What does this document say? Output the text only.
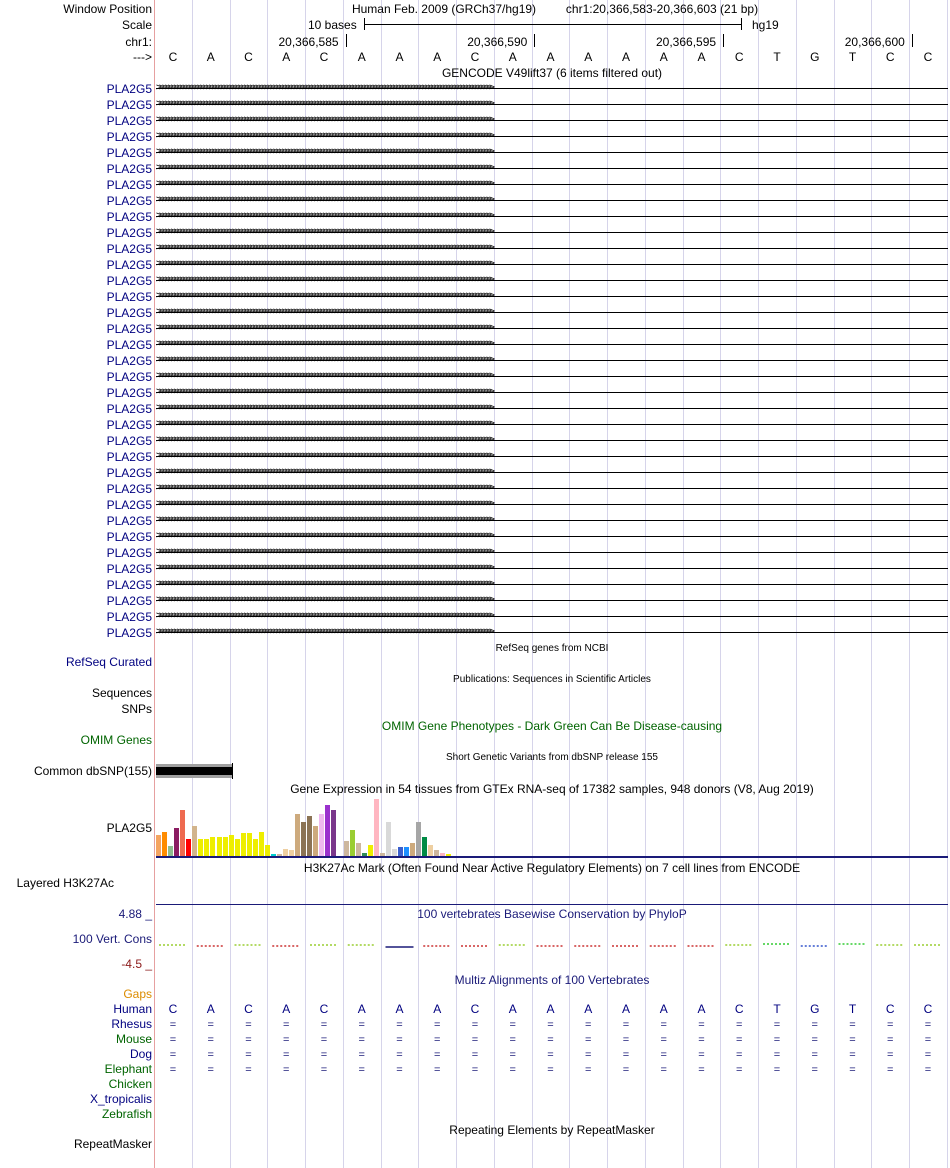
Window Position	Human Feb. 2009 (GRCh37/hg19) chr1:20,366,583-20,366,603 (21 bp)
Scale	10 bases	hg19
chr1:
--->
GENCODE V49lift37 (6 items filtered out)
RefSeq genes from NCBI
RefSeq Curated
Publications: Sequences in Scientific Articles
Sequences
SNPs
OMIM Gene Phenotypes - Dark Green Can Be Disease-causing
OMIM Genes
Short Genetic Variants from dbSNP release 155
Common dbSNP(155)
Gene Expression in 54 tissues from GTEx RNA-seq of 17382 samples, 948 donors (V8, Aug 2019)
PLA2G5
H3K27Ac Mark (Often Found Near Active Regulatory Elements) on 7 cell lines from ENCODE
Layered H3K27Ac
100 vertebrates Basewise Conservation by PhyloP
4.88 _
100 Vert. Cons
-4.5 _
Multiz Alignments of 100 Vertebrates
Gaps
Repeating Elements by RepeatMasker
RepeatMasker
20,366,585	20,366,590	20,366,595	20,366,600
C	A	C	A	C	A	A	A	C	A	A	A	A	A	A	C	T	G	T	C	C
PLA2G5 >>>>>>>>>>>>>>>>>>>>>>>>>>>>>>>>>>>>>>>>>>>>>>>>>>>>>>>>>>>>>>>>>>>>>>>>>>>>>>>>>>>>>>>>>>>>>>>>>>>>>>>>>>>>>>>>>>>
PLA2G5 >>>>>>>>>>>>>>>>>>>>>>>>>>>>>>>>>>>>>>>>>>>>>>>>>>>>>>>>>>>>>>>>>>>>>>>>>>>>>>>>>>>>>>>>>>>>>>>>>>>>>>>>>>>>>>>>>>>
PLA2G5 >>>>>>>>>>>>>>>>>>>>>>>>>>>>>>>>>>>>>>>>>>>>>>>>>>>>>>>>>>>>>>>>>>>>>>>>>>>>>>>>>>>>>>>>>>>>>>>>>>>>>>>>>>>>>>>>>>>
PLA2G5 >>>>>>>>>>>>>>>>>>>>>>>>>>>>>>>>>>>>>>>>>>>>>>>>>>>>>>>>>>>>>>>>>>>>>>>>>>>>>>>>>>>>>>>>>>>>>>>>>>>>>>>>>>>>>>>>>>>
PLA2G5 >>>>>>>>>>>>>>>>>>>>>>>>>>>>>>>>>>>>>>>>>>>>>>>>>>>>>>>>>>>>>>>>>>>>>>>>>>>>>>>>>>>>>>>>>>>>>>>>>>>>>>>>>>>>>>>>>>>
PLA2G5 >>>>>>>>>>>>>>>>>>>>>>>>>>>>>>>>>>>>>>>>>>>>>>>>>>>>>>>>>>>>>>>>>>>>>>>>>>>>>>>>>>>>>>>>>>>>>>>>>>>>>>>>>>>>>>>>>>>
PLA2G5 >>>>>>>>>>>>>>>>>>>>>>>>>>>>>>>>>>>>>>>>>>>>>>>>>>>>>>>>>>>>>>>>>>>>>>>>>>>>>>>>>>>>>>>>>>>>>>>>>>>>>>>>>>>>>>>>>>>
PLA2G5 >>>>>>>>>>>>>>>>>>>>>>>>>>>>>>>>>>>>>>>>>>>>>>>>>>>>>>>>>>>>>>>>>>>>>>>>>>>>>>>>>>>>>>>>>>>>>>>>>>>>>>>>>>>>>>>>>>>
PLA2G5 >>>>>>>>>>>>>>>>>>>>>>>>>>>>>>>>>>>>>>>>>>>>>>>>>>>>>>>>>>>>>>>>>>>>>>>>>>>>>>>>>>>>>>>>>>>>>>>>>>>>>>>>>>>>>>>>>>>
PLA2G5 >>>>>>>>>>>>>>>>>>>>>>>>>>>>>>>>>>>>>>>>>>>>>>>>>>>>>>>>>>>>>>>>>>>>>>>>>>>>>>>>>>>>>>>>>>>>>>>>>>>>>>>>>>>>>>>>>>>
PLA2G5 >>>>>>>>>>>>>>>>>>>>>>>>>>>>>>>>>>>>>>>>>>>>>>>>>>>>>>>>>>>>>>>>>>>>>>>>>>>>>>>>>>>>>>>>>>>>>>>>>>>>>>>>>>>>>>>>>>>
PLA2G5 >>>>>>>>>>>>>>>>>>>>>>>>>>>>>>>>>>>>>>>>>>>>>>>>>>>>>>>>>>>>>>>>>>>>>>>>>>>>>>>>>>>>>>>>>>>>>>>>>>>>>>>>>>>>>>>>>>>
PLA2G5 >>>>>>>>>>>>>>>>>>>>>>>>>>>>>>>>>>>>>>>>>>>>>>>>>>>>>>>>>>>>>>>>>>>>>>>>>>>>>>>>>>>>>>>>>>>>>>>>>>>>>>>>>>>>>>>>>>>
PLA2G5 >>>>>>>>>>>>>>>>>>>>>>>>>>>>>>>>>>>>>>>>>>>>>>>>>>>>>>>>>>>>>>>>>>>>>>>>>>>>>>>>>>>>>>>>>>>>>>>>>>>>>>>>>>>>>>>>>>>
PLA2G5 >>>>>>>>>>>>>>>>>>>>>>>>>>>>>>>>>>>>>>>>>>>>>>>>>>>>>>>>>>>>>>>>>>>>>>>>>>>>>>>>>>>>>>>>>>>>>>>>>>>>>>>>>>>>>>>>>>>
PLA2G5 >>>>>>>>>>>>>>>>>>>>>>>>>>>>>>>>>>>>>>>>>>>>>>>>>>>>>>>>>>>>>>>>>>>>>>>>>>>>>>>>>>>>>>>>>>>>>>>>>>>>>>>>>>>>>>>>>>>
PLA2G5 >>>>>>>>>>>>>>>>>>>>>>>>>>>>>>>>>>>>>>>>>>>>>>>>>>>>>>>>>>>>>>>>>>>>>>>>>>>>>>>>>>>>>>>>>>>>>>>>>>>>>>>>>>>>>>>>>>>
PLA2G5 >>>>>>>>>>>>>>>>>>>>>>>>>>>>>>>>>>>>>>>>>>>>>>>>>>>>>>>>>>>>>>>>>>>>>>>>>>>>>>>>>>>>>>>>>>>>>>>>>>>>>>>>>>>>>>>>>>>
PLA2G5 >>>>>>>>>>>>>>>>>>>>>>>>>>>>>>>>>>>>>>>>>>>>>>>>>>>>>>>>>>>>>>>>>>>>>>>>>>>>>>>>>>>>>>>>>>>>>>>>>>>>>>>>>>>>>>>>>>>
PLA2G5 >>>>>>>>>>>>>>>>>>>>>>>>>>>>>>>>>>>>>>>>>>>>>>>>>>>>>>>>>>>>>>>>>>>>>>>>>>>>>>>>>>>>>>>>>>>>>>>>>>>>>>>>>>>>>>>>>>>
PLA2G5 >>>>>>>>>>>>>>>>>>>>>>>>>>>>>>>>>>>>>>>>>>>>>>>>>>>>>>>>>>>>>>>>>>>>>>>>>>>>>>>>>>>>>>>>>>>>>>>>>>>>>>>>>>>>>>>>>>>
PLA2G5 >>>>>>>>>>>>>>>>>>>>>>>>>>>>>>>>>>>>>>>>>>>>>>>>>>>>>>>>>>>>>>>>>>>>>>>>>>>>>>>>>>>>>>>>>>>>>>>>>>>>>>>>>>>>>>>>>>>
PLA2G5 >>>>>>>>>>>>>>>>>>>>>>>>>>>>>>>>>>>>>>>>>>>>>>>>>>>>>>>>>>>>>>>>>>>>>>>>>>>>>>>>>>>>>>>>>>>>>>>>>>>>>>>>>>>>>>>>>>>
PLA2G5 >>>>>>>>>>>>>>>>>>>>>>>>>>>>>>>>>>>>>>>>>>>>>>>>>>>>>>>>>>>>>>>>>>>>>>>>>>>>>>>>>>>>>>>>>>>>>>>>>>>>>>>>>>>>>>>>>>>
PLA2G5 >>>>>>>>>>>>>>>>>>>>>>>>>>>>>>>>>>>>>>>>>>>>>>>>>>>>>>>>>>>>>>>>>>>>>>>>>>>>>>>>>>>>>>>>>>>>>>>>>>>>>>>>>>>>>>>>>>>
PLA2G5 >>>>>>>>>>>>>>>>>>>>>>>>>>>>>>>>>>>>>>>>>>>>>>>>>>>>>>>>>>>>>>>>>>>>>>>>>>>>>>>>>>>>>>>>>>>>>>>>>>>>>>>>>>>>>>>>>>>
PLA2G5 >>>>>>>>>>>>>>>>>>>>>>>>>>>>>>>>>>>>>>>>>>>>>>>>>>>>>>>>>>>>>>>>>>>>>>>>>>>>>>>>>>>>>>>>>>>>>>>>>>>>>>>>>>>>>>>>>>>
PLA2G5 >>>>>>>>>>>>>>>>>>>>>>>>>>>>>>>>>>>>>>>>>>>>>>>>>>>>>>>>>>>>>>>>>>>>>>>>>>>>>>>>>>>>>>>>>>>>>>>>>>>>>>>>>>>>>>>>>>>
PLA2G5 >>>>>>>>>>>>>>>>>>>>>>>>>>>>>>>>>>>>>>>>>>>>>>>>>>>>>>>>>>>>>>>>>>>>>>>>>>>>>>>>>>>>>>>>>>>>>>>>>>>>>>>>>>>>>>>>>>>
PLA2G5 >>>>>>>>>>>>>>>>>>>>>>>>>>>>>>>>>>>>>>>>>>>>>>>>>>>>>>>>>>>>>>>>>>>>>>>>>>>>>>>>>>>>>>>>>>>>>>>>>>>>>>>>>>>>>>>>>>>
PLA2G5 >>>>>>>>>>>>>>>>>>>>>>>>>>>>>>>>>>>>>>>>>>>>>>>>>>>>>>>>>>>>>>>>>>>>>>>>>>>>>>>>>>>>>>>>>>>>>>>>>>>>>>>>>>>>>>>>>>>
PLA2G5 >>>>>>>>>>>>>>>>>>>>>>>>>>>>>>>>>>>>>>>>>>>>>>>>>>>>>>>>>>>>>>>>>>>>>>>>>>>>>>>>>>>>>>>>>>>>>>>>>>>>>>>>>>>>>>>>>>>
PLA2G5 >>>>>>>>>>>>>>>>>>>>>>>>>>>>>>>>>>>>>>>>>>>>>>>>>>>>>>>>>>>>>>>>>>>>>>>>>>>>>>>>>>>>>>>>>>>>>>>>>>>>>>>>>>>>>>>>>>>
PLA2G5 >>>>>>>>>>>>>>>>>>>>>>>>>>>>>>>>>>>>>>>>>>>>>>>>>>>>>>>>>>>>>>>>>>>>>>>>>>>>>>>>>>>>>>>>>>>>>>>>>>>>>>>>>>>>>>>>>>>
PLA2G5 >>>>>>>>>>>>>>>>>>>>>>>>>>>>>>>>>>>>>>>>>>>>>>>>>>>>>>>>>>>>>>>>>>>>>>>>>>>>>>>>>>>>>>>>>>>>>>>>>>>>>>>>>>>>>>>>>>>
Human	C	A	C	A	C	A	A	A	C	A	A	A	A	A	A	C	T	G	T	C	C
Rhesus	=	=	=	=	=	=	=	=	=	=	=	=	=	=	=	=	=	=	=	=	=
Mouse	=	=	=	=	=	=	=	=	=	=	=	=	=	=	=	=	=	=	=	=	=
Dog	=	=	=	=	=	=	=	=	=	=	=	=	=	=	=	=	=	=	=	=	=
Elephant	=	=	=	=	=	=	=	=	=	=	=	=	=	=	=	=	=	=	=	=	=
Chicken
X_tropicalis
Zebrafish
